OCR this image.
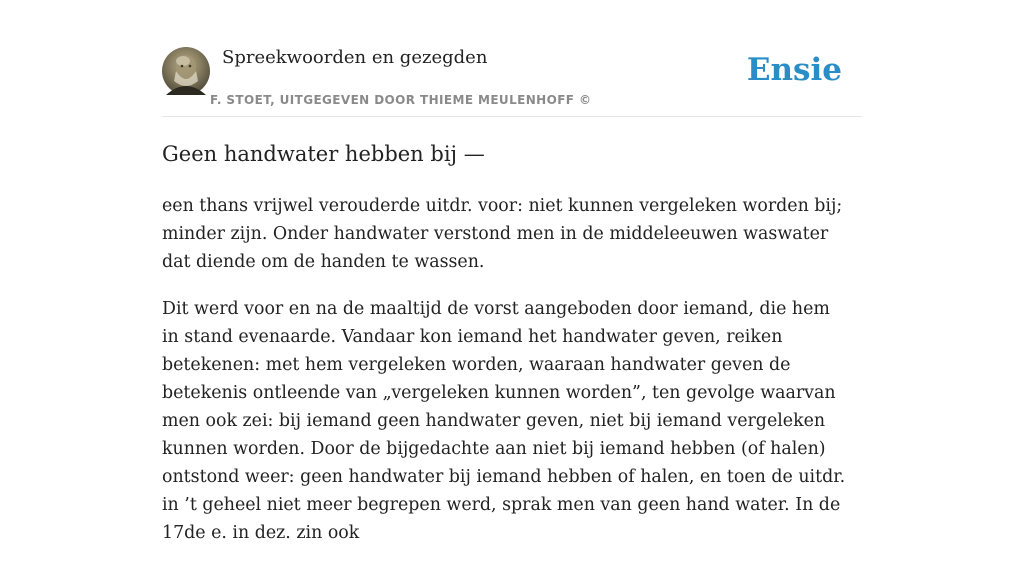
Spreekwoorden en gezegden
F. STOET, UITGEGEVEN DOOR THIEME MEULENHOFF ©
Ensie
Geen handwater hebben bij —

een thans vrijwel verouderde uitdr. voor: niet kunnen vergeleken worden bij; minder zijn. Onder handwater verstond men in de middeleeuwen waswater dat diende om de handen te wassen.

Dit werd voor en na de maaltijd de vorst aangeboden door iemand, die hem in stand evenaarde. Vandaar kon iemand het handwater geven, reiken betekenen: met hem vergeleken worden, waaraan handwater geven de betekenis ontleende van „vergeleken kunnen worden”, ten gevolge waarvan men ook zei: bij iemand geen handwater geven, niet bij iemand vergeleken kunnen worden. Door de bijgedachte aan niet bij iemand hebben (of halen) ontstond weer: geen handwater bij iemand hebben of halen, en toen de uitdr. in ’t geheel niet meer begrepen werd, sprak men van geen hand water. In de 17de e. in dez. zin ook
